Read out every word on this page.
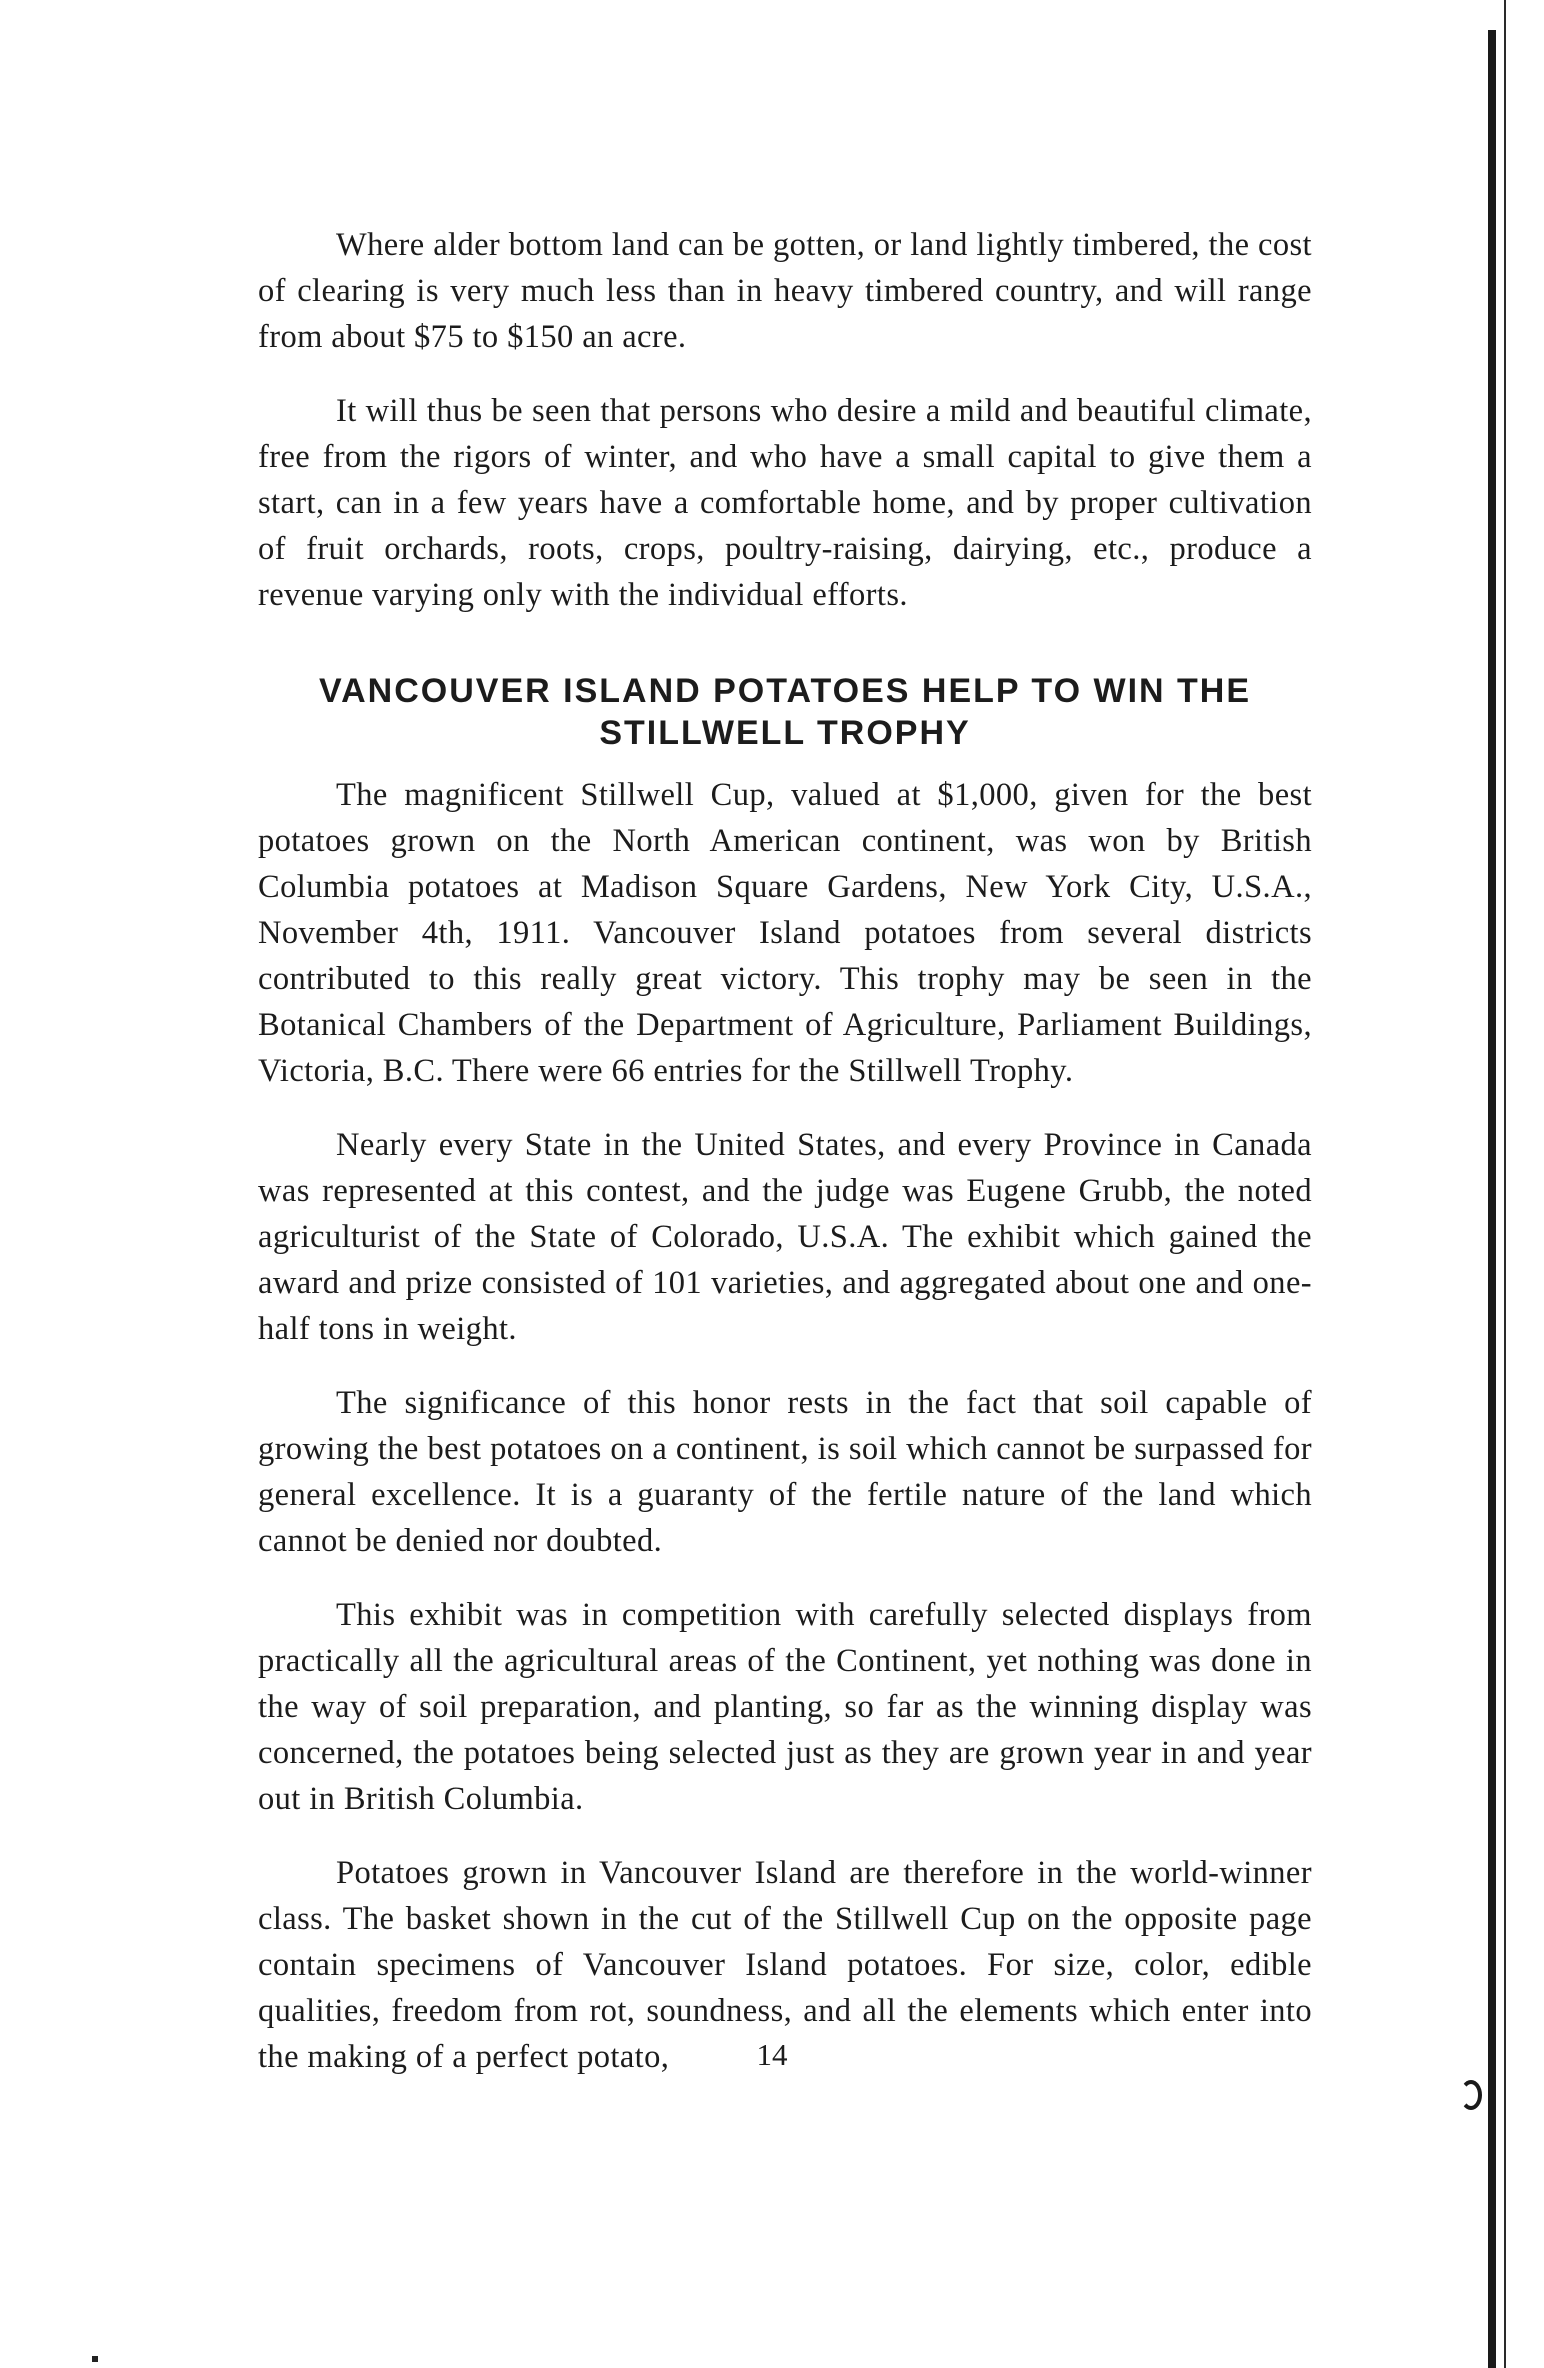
Where alder bottom land can be gotten, or land lightly timbered, the cost of clearing is very much less than in heavy timbered country, and will range from about $75 to $150 an acre.

It will thus be seen that persons who desire a mild and beautiful climate, free from the rigors of winter, and who have a small capital to give them a start, can in a few years have a comfortable home, and by proper cultivation of fruit orchards, roots, crops, poultry-raising, dairying, etc., produce a revenue varying only with the individual efforts.

VANCOUVER ISLAND POTATOES HELP TO WIN THE STILLWELL TROPHY

The magnificent Stillwell Cup, valued at $1,000, given for the best potatoes grown on the North American continent, was won by British Columbia potatoes at Madison Square Gardens, New York City, U.S.A., November 4th, 1911. Vancouver Island potatoes from several districts contributed to this really great victory. This trophy may be seen in the Botanical Chambers of the Department of Agriculture, Parliament Buildings, Victoria, B.C. There were 66 entries for the Stillwell Trophy.

Nearly every State in the United States, and every Province in Canada was represented at this contest, and the judge was Eugene Grubb, the noted agriculturist of the State of Colorado, U.S.A. The exhibit which gained the award and prize consisted of 101 varieties, and aggregated about one and one-half tons in weight.

The significance of this honor rests in the fact that soil capable of growing the best potatoes on a continent, is soil which cannot be surpassed for general excellence. It is a guaranty of the fertile nature of the land which cannot be denied nor doubted.

This exhibit was in competition with carefully selected displays from practically all the agricultural areas of the Continent, yet nothing was done in the way of soil preparation, and planting, so far as the winning display was concerned, the potatoes being selected just as they are grown year in and year out in British Columbia.

Potatoes grown in Vancouver Island are therefore in the world-winner class. The basket shown in the cut of the Stillwell Cup on the opposite page contain specimens of Vancouver Island potatoes. For size, color, edible qualities, freedom from rot, soundness, and all the elements which enter into the making of a perfect potato,	14
